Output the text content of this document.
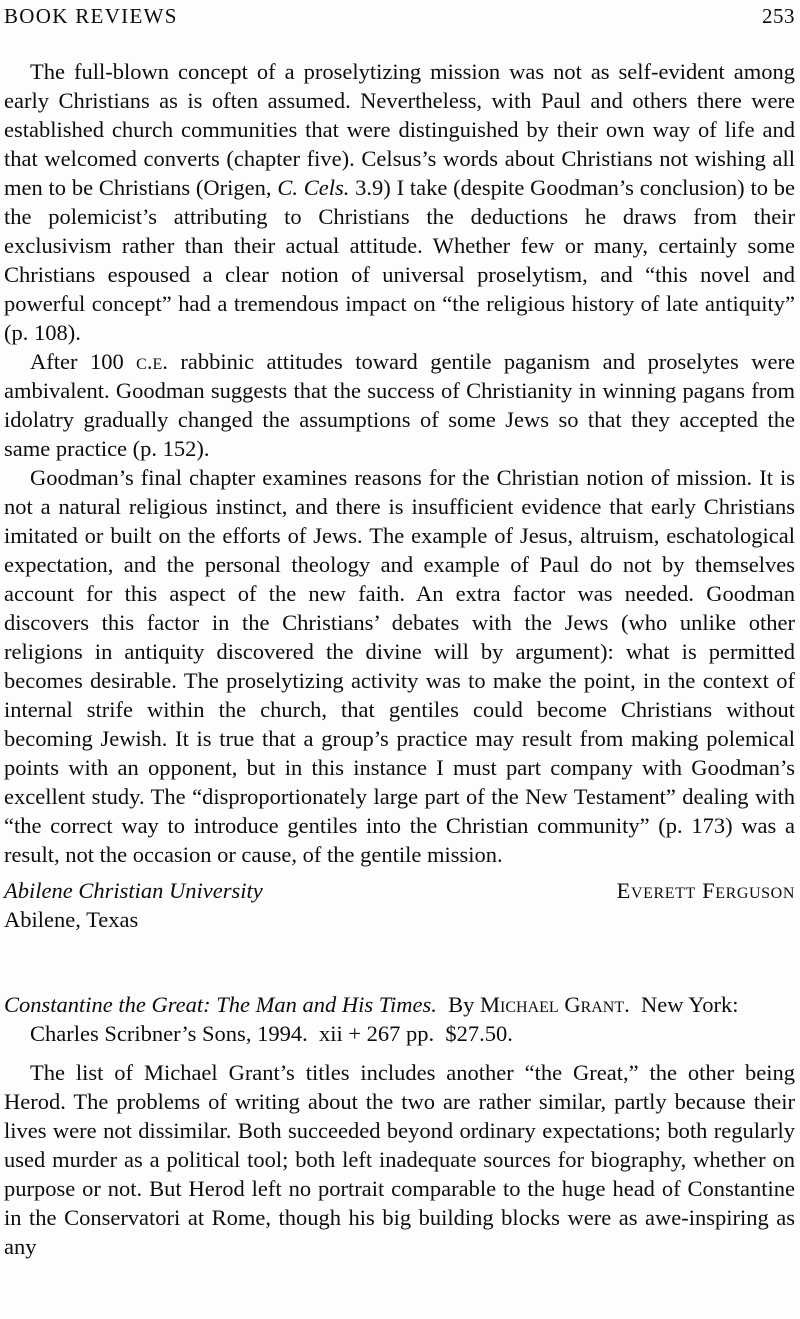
BOOK REVIEWS	253

The full-blown concept of a proselytizing mission was not as self-evident among early Christians as is often assumed. Nevertheless, with Paul and others there were established church communities that were distinguished by their own way of life and that welcomed converts (chapter five). Celsus’s words about Christians not wishing all men to be Christians (Origen, C. Cels. 3.9) I take (despite Goodman’s conclusion) to be the polemicist’s attributing to Christians the deductions he draws from their exclusivism rather than their actual attitude. Whether few or many, certainly some Christians espoused a clear notion of universal proselytism, and “this novel and powerful concept” had a tremendous impact on “the religious history of late antiquity” (p. 108).

After 100 c.e. rabbinic attitudes toward gentile paganism and proselytes were ambivalent. Goodman suggests that the success of Christianity in winning pagans from idolatry gradually changed the assumptions of some Jews so that they accepted the same practice (p. 152).

Goodman’s final chapter examines reasons for the Christian notion of mission. It is not a natural religious instinct, and there is insufficient evidence that early Christians imitated or built on the efforts of Jews. The example of Jesus, altruism, eschatological expectation, and the personal theology and example of Paul do not by themselves account for this aspect of the new faith. An extra factor was needed. Goodman discovers this factor in the Christians’ debates with the Jews (who unlike other religions in antiquity discovered the divine will by argument): what is permitted becomes desirable. The proselytizing activity was to make the point, in the context of internal strife within the church, that gentiles could become Christians without becoming Jewish. It is true that a group’s practice may result from making polemical points with an opponent, but in this instance I must part company with Goodman’s excellent study. The “disproportionately large part of the New Testament” dealing with “the correct way to introduce gentiles into the Christian community” (p. 173) was a result, not the occasion or cause, of the gentile mission.

Abilene Christian University	Everett Ferguson
Abilene, Texas

Constantine the Great: The Man and His Times. By Michael Grant. New York:
Charles Scribner’s Sons, 1994. xii + 267 pp. $27.50.

The list of Michael Grant’s titles includes another “the Great,” the other being Herod. The problems of writing about the two are rather similar, partly because their lives were not dissimilar. Both succeeded beyond ordinary expectations; both regularly used murder as a political tool; both left inadequate sources for biography, whether on purpose or not. But Herod left no portrait comparable to the huge head of Constantine in the Conservatori at Rome, though his big building blocks were as awe-inspiring as any
